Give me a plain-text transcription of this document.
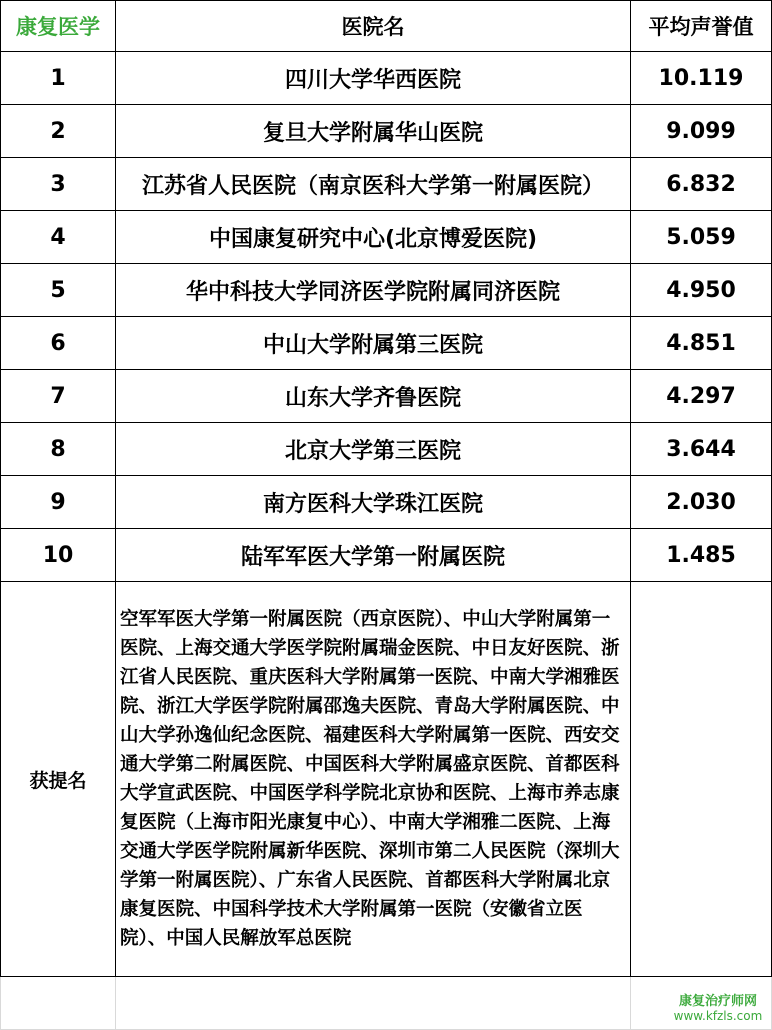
康复医学	医院名	平均声誉值
1	四川大学华西医院	10.119
2	复旦大学附属华山医院	9.099
3	江苏省人民医院（南京医科大学第一附属医院）	6.832
4	中国康复研究中心(北京博爱医院)	5.059
5	华中科技大学同济医学院附属同济医院	4.950
6	中山大学附属第三医院	4.851
7	山东大学齐鲁医院	4.297
8	北京大学第三医院	3.644
9	南方医科大学珠江医院	2.030
10	陆军军医大学第一附属医院	1.485
获提名	空军军医大学第一附属医院（西京医院）、中山大学附属第一医院、上海交通大学医学院附属瑞金医院、中日友好医院、浙江省人民医院、重庆医科大学附属第一医院、中南大学湘雅医院、浙江大学医学院附属邵逸夫医院、青岛大学附属医院、中山大学孙逸仙纪念医院、福建医科大学附属第一医院、西安交通大学第二附属医院、中国医科大学附属盛京医院、首都医科大学宣武医院、中国医学科学院北京协和医院、上海市养志康复医院（上海市阳光康复中心）、中南大学湘雅二医院、上海交通大学医学院附属新华医院、深圳市第二人民医院（深圳大学第一附属医院）、广东省人民医院、首都医科大学附属北京康复医院、中国科学技术大学附属第一医院（安徽省立医院）、中国人民解放军总医院	

康复治疗师网
www.kfzls.com
